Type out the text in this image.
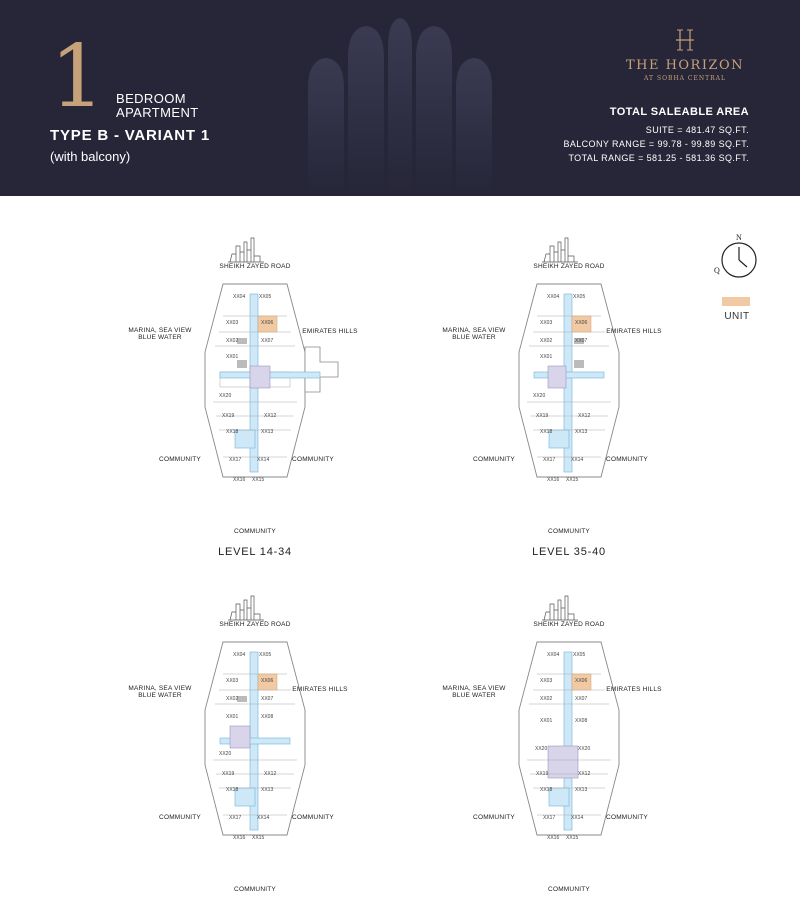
1 BEDROOM
APARTMENT
TYPE B - VARIANT 1
(with balcony)
THE HORIZON
AT SOBHA CENTRAL
TOTAL SALEABLE AREA
SUITE = 481.47 SQ.FT.
BALCONY RANGE = 99.78 - 99.89 SQ.FT.
TOTAL RANGE = 581.25 - 581.36 SQ.FT.
N
Q
UNIT
XX04	XX05
XX03	XX06
XX02	XX07
XX01
XX20
XX19	XX12
XX18	XX13
XX17	XX14
XX16 XX15
SHEIKH ZAYED ROAD
MARINA, SEA VIEW
BLUE WATER
EMIRATES HILLS
COMMUNITY	COMMUNITY
COMMUNITY
LEVEL 14-34
XX04	XX05
XX03	XX06
XX02	XX07
XX01
XX20
XX19	XX12
XX18	XX13
XX17	XX14
XX16 XX15
SHEIKH ZAYED ROAD
MARINA, SEA VIEW
BLUE WATER
EMIRATES HILLS
COMMUNITY	COMMUNITY
COMMUNITY
LEVEL 35-40
XX04	XX05
XX03	XX06
XX02	XX07
XX01	XX08
XX20
XX19	XX12
XX18	XX13
XX17	XX14
XX16 XX15
SHEIKH ZAYED ROAD
MARINA, SEA VIEW
BLUE WATER
EMIRATES HILLS
COMMUNITY	COMMUNITY
COMMUNITY
XX04	XX05
XX03	XX06
XX02	XX07
XX01	XX08
XX20	XX20
XX19	XX12
XX18	XX13
XX17	XX14
XX16 XX15
SHEIKH ZAYED ROAD
MARINA, SEA VIEW
BLUE WATER
EMIRATES HILLS
COMMUNITY	COMMUNITY
COMMUNITY
